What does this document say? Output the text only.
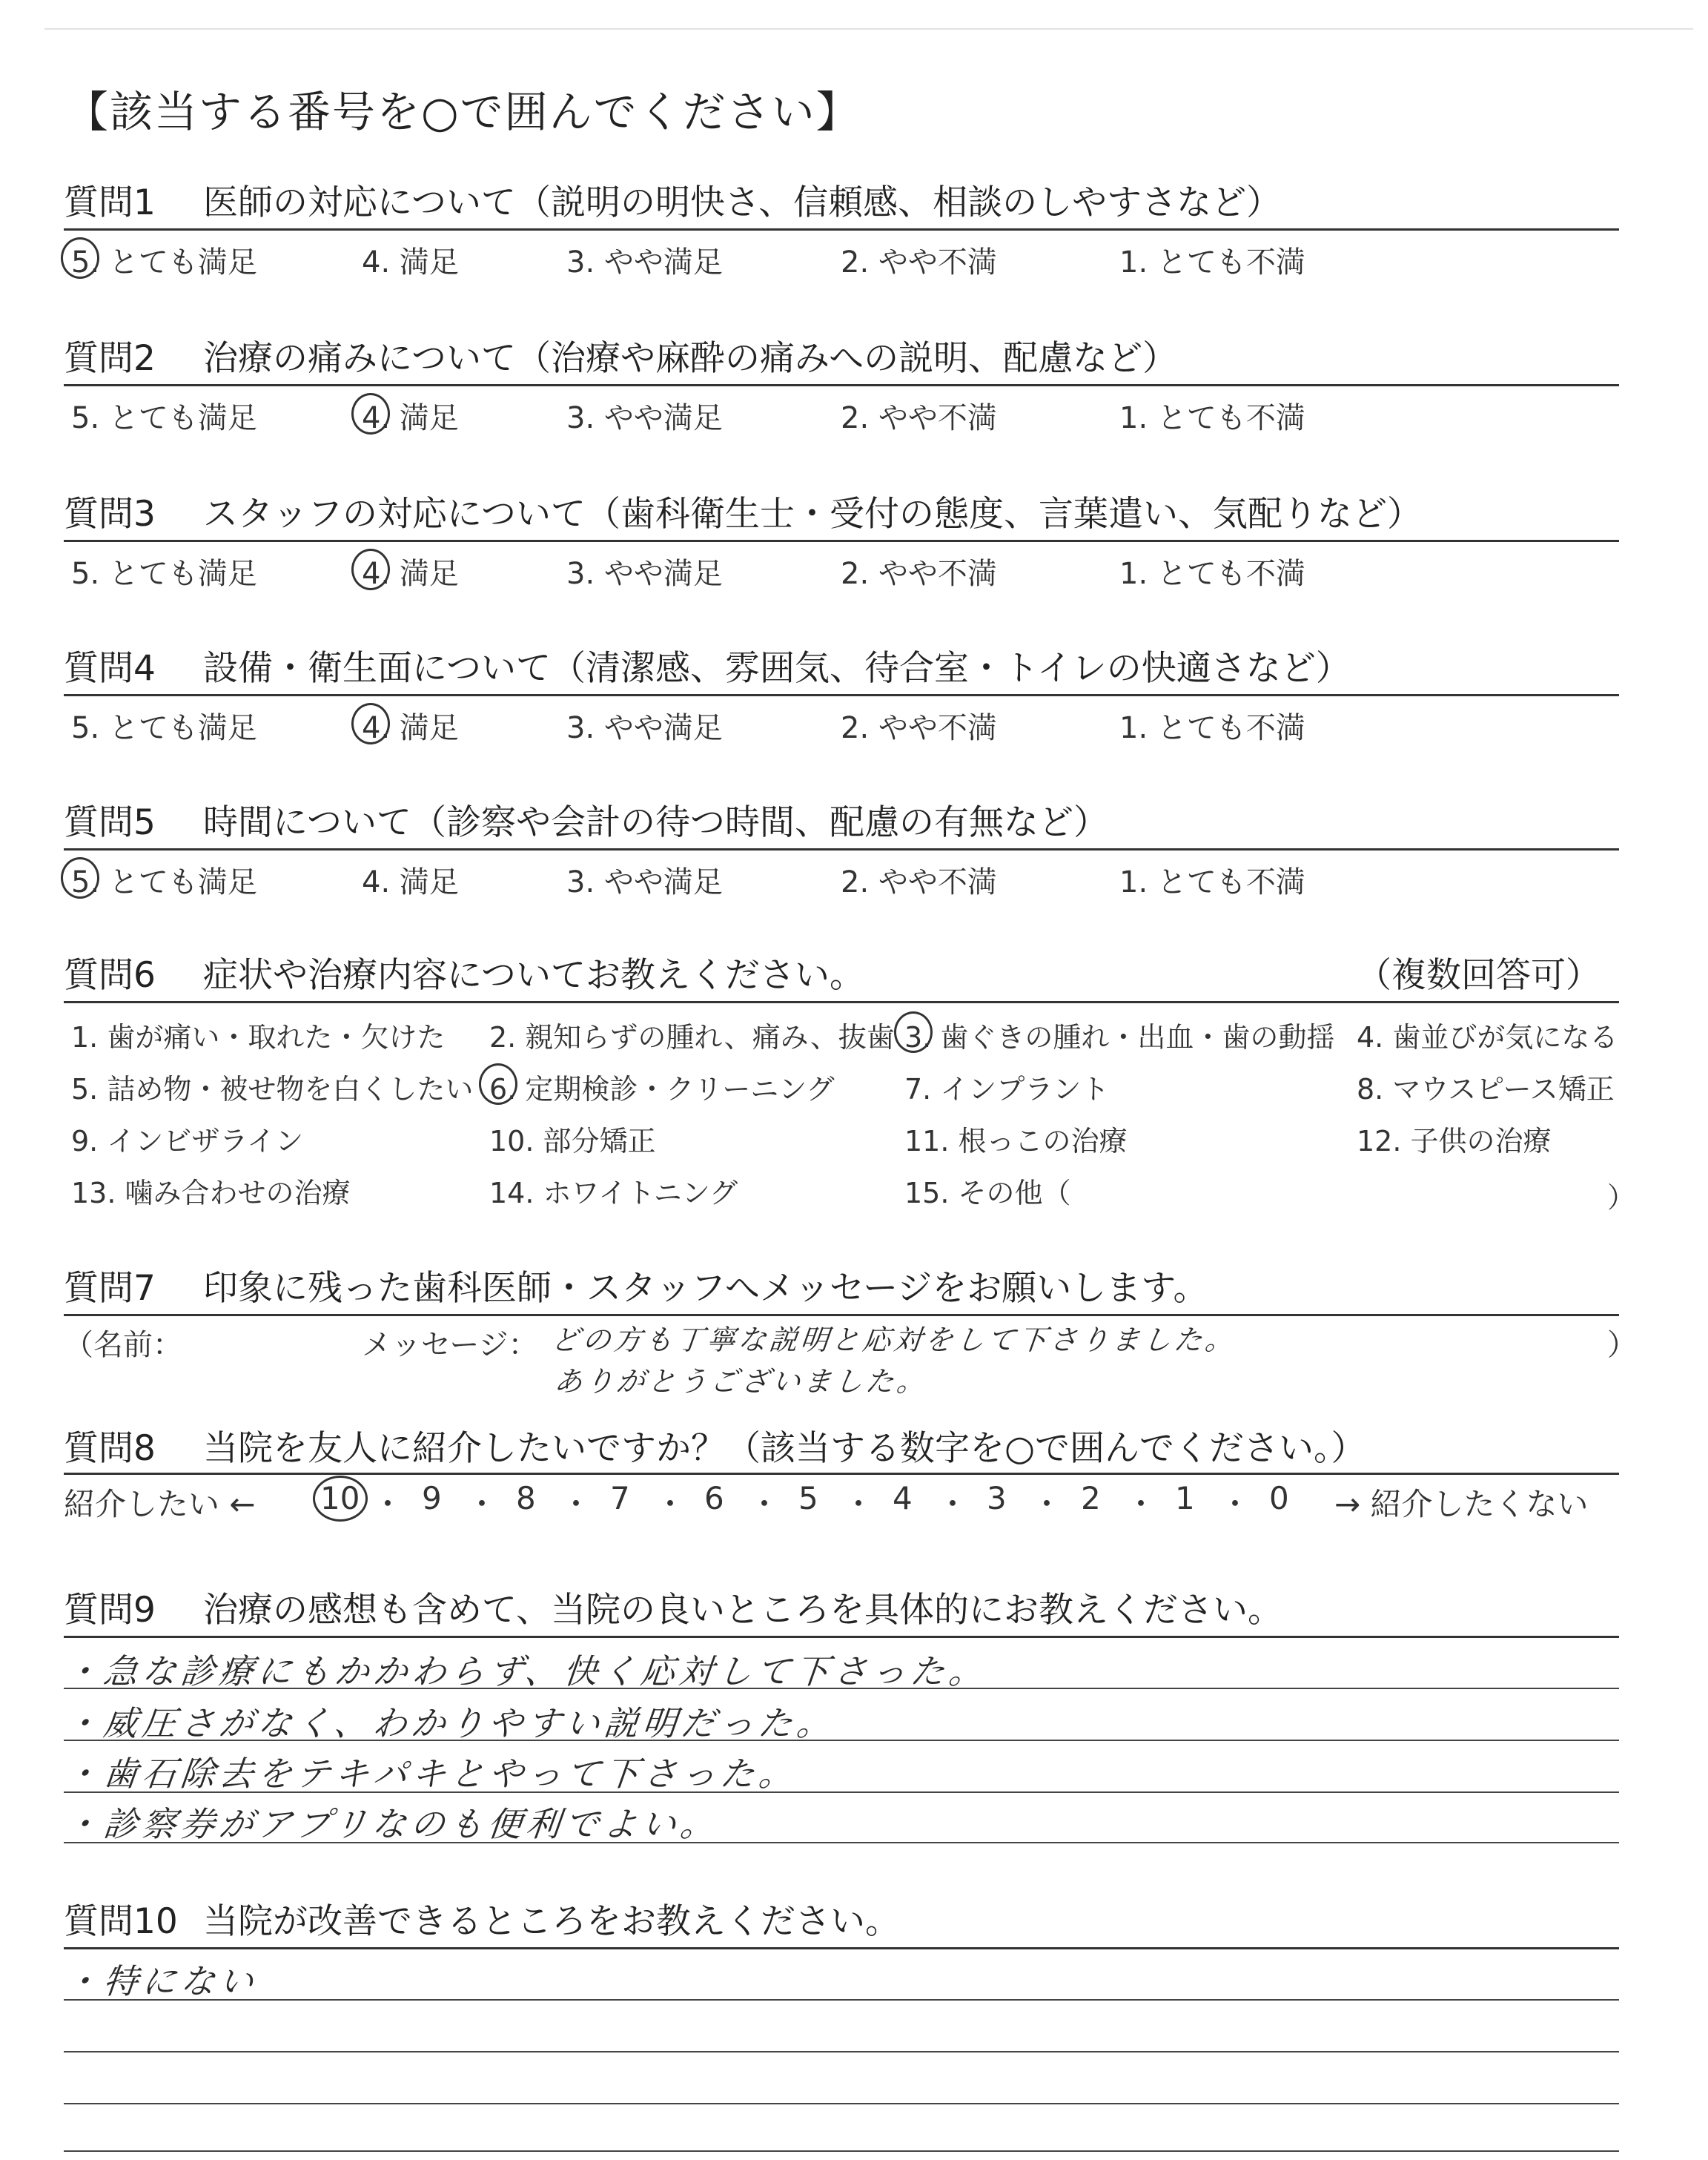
【該当する番号を○で囲んでください】
質問1 医師の対応について（説明の明快さ、信頼感、相談のしやすさなど）
5. とても満足	4. 満足	3. やや満足	2. やや不満	1. とても不満
質問2 治療の痛みについて（治療や麻酔の痛みへの説明、配慮など）
5. とても満足	4. 満足	3. やや満足	2. やや不満	1. とても不満
質問3 スタッフの対応について（歯科衛生士・受付の態度、言葉遣い、気配りなど）
5. とても満足	4. 満足	3. やや満足	2. やや不満	1. とても不満
質問4 設備・衛生面について（清潔感、雰囲気、待合室・トイレの快適さなど）
5. とても満足	4. 満足	3. やや満足	2. やや不満	1. とても不満
質問5 時間について（診察や会計の待つ時間、配慮の有無など）
5. とても満足	4. 満足	3. やや満足	2. やや不満	1. とても不満
質問6 症状や治療内容についてお教えください。	（複数回答可）
1. 歯が痛い・取れた・欠けた 2. 親知らずの腫れ、痛み、抜歯 3. 歯ぐきの腫れ・出血・歯の動揺 4. 歯並びが気になる
5. 詰め物・被せ物を白くしたい 6. 定期検診・クリーニング 7. インプラント	8. マウスピース矯正
9. インビザライン	10. 部分矯正	11. 根っこの治療	12. 子供の治療
13. 噛み合わせの治療	14. ホワイトニング	15. その他（	）
質問7 印象に残った歯科医師・スタッフへメッセージをお願いします。
（名前：	メッセージ： どの方も丁寧な説明と応対をして下さりました。
ありがとうございました。
）
質問8 当院を友人に紹介したいですか？（該当する数字を○で囲んでください。）
紹介したい ← 10 ・ 9 ・ 8 ・ 7 ・ 6 ・ 5 ・ 4 ・ 3 ・ 2 ・ 1 ・ 0 → 紹介したくない
質問9 治療の感想も含めて、当院の良いところを具体的にお教えください。
・急な診療にもかかわらず、快く応対して下さった。
・威圧さがなく、わかりやすい説明だった。
・歯石除去をテキパキとやって下さった。
・診察券がアプリなのも便利でよい。
質問10 当院が改善できるところをお教えください。
・特にない
